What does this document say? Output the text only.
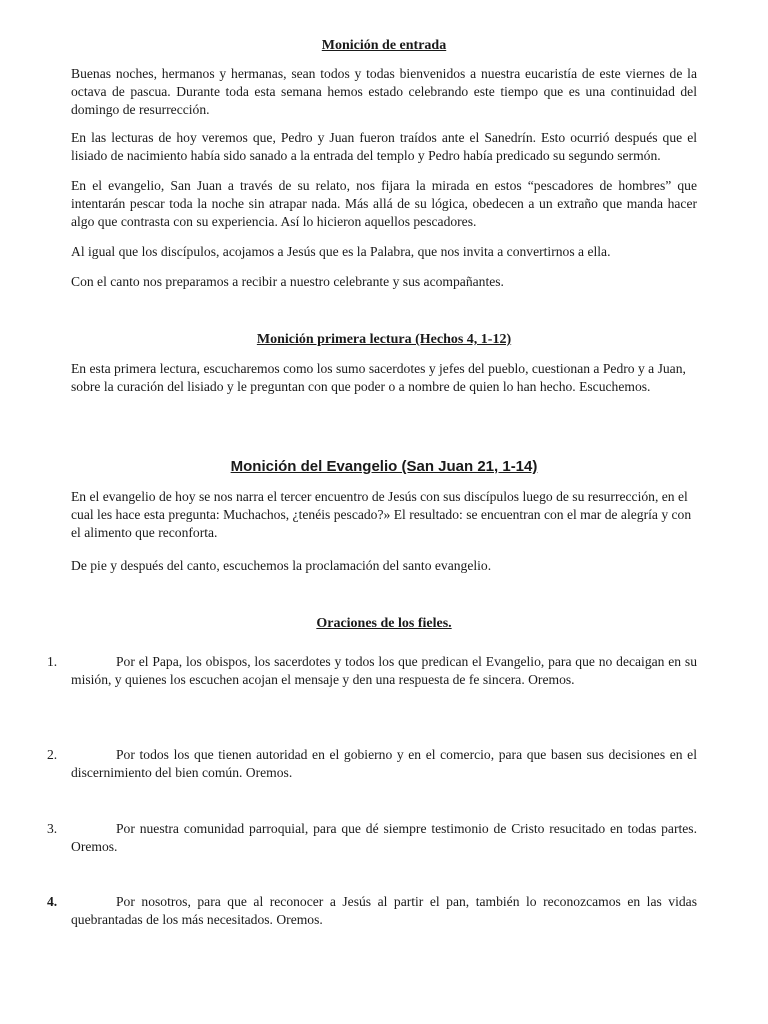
Monición de entrada

Buenas noches, hermanos y hermanas, sean todos y todas bienvenidos a nuestra eucaristía de este viernes de la octava de pascua. Durante toda esta semana hemos estado celebrando este tiempo que es una continuidad del domingo de resurrección.

En las lecturas de hoy veremos que, Pedro y Juan fueron traídos ante el Sanedrín. Esto ocurrió después que el lisiado de nacimiento había sido sanado a la entrada del templo y Pedro había predicado su segundo sermón.

En el evangelio, San Juan a través de su relato, nos fijara la mirada en estos “pescadores de hombres” que intentarán pescar toda la noche sin atrapar nada. Más allá de su lógica, obedecen a un extraño que manda hacer algo que contrasta con su experiencia. Así lo hicieron aquellos pescadores.

Al igual que los discípulos, acojamos a Jesús que es la Palabra, que nos invita a convertirnos a ella.

Con el canto nos preparamos a recibir a nuestro celebrante y sus acompañantes.

Monición primera lectura (Hechos 4, 1-12)

En esta primera lectura, escucharemos como los sumo sacerdotes y jefes del pueblo, cuestionan a Pedro y a Juan, sobre la curación del lisiado y le preguntan con que poder o a nombre de quien lo han hecho. Escuchemos.

Monición del Evangelio (San Juan 21, 1-14)

En el evangelio de hoy se nos narra el tercer encuentro de Jesús con sus discípulos luego de su resurrección, en el cual les hace esta pregunta: Muchachos, ¿tenéis pescado?» El resultado: se encuentran con el mar de alegría y con el alimento que reconforta.

De pie y después del canto, escuchemos la proclamación del santo evangelio.

Oraciones de los fieles.
1.	Por el Papa, los obispos, los sacerdotes y todos los que predican el Evangelio, para que no decaigan en su misión, y quienes los escuchen acojan el mensaje y den una respuesta de fe sincera. Oremos.

2.	Por todos los que tienen autoridad en el gobierno y en el comercio, para que basen sus decisiones en el discernimiento del bien común. Oremos.

3.	Por nuestra comunidad parroquial, para que dé siempre testimonio de Cristo resucitado en todas partes. Oremos.

4.	Por nosotros, para que al reconocer a Jesús al partir el pan, también lo reconozcamos en las vidas quebrantadas de los más necesitados. Oremos.
